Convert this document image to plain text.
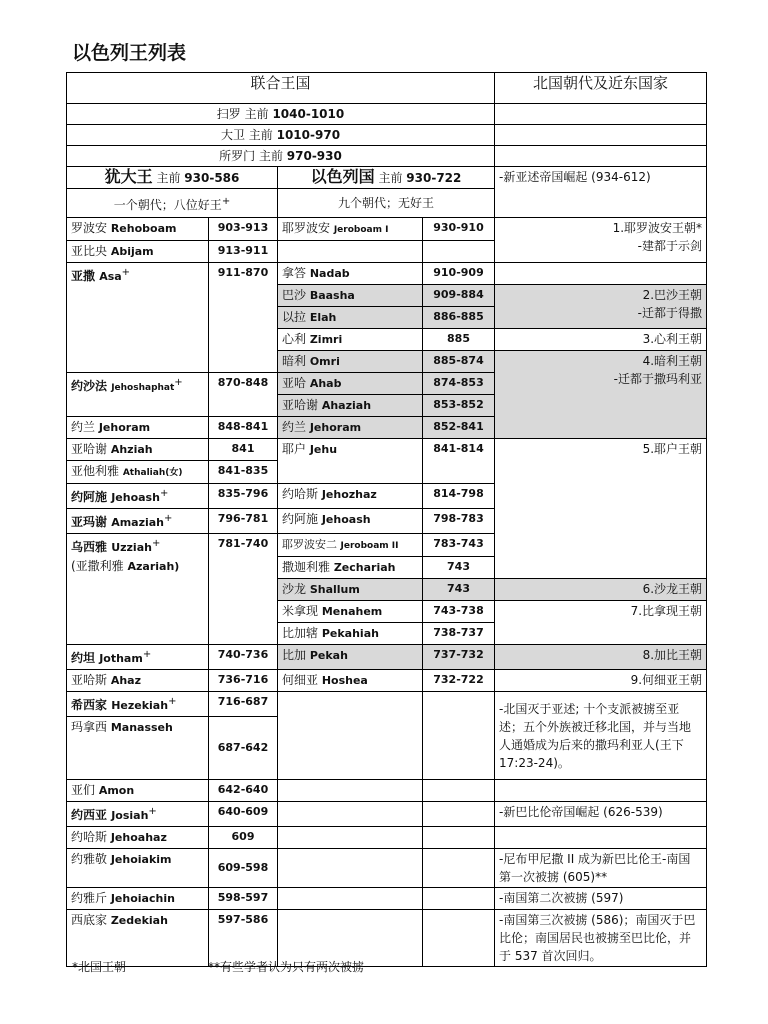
以色列王列表
联合王国				北国朝代及近东国家
扫罗 主前 1040-1010				
大卫 主前 1010-970				
所罗门 主前 970-930				
犹大王 主前 930-586		以色列国 主前 930-722		-新亚述帝国崛起 (934-612)
一个朝代；八位好王+		九个朝代；无好王		
罗波安 Rehoboam	903-913	耶罗波安 Jeroboam I	930-910	1.耶罗波安王朝*
-建都于示剑

亚比央 Abijam	913-911			
亚撒 Asa+	911-870			
		拿答 Nadab	910-909	
		巴沙 Baasha	909-884	2.巴沙王朝
-迁都于得撒

		以拉 Elah	886-885	
		心利 Zimri	885	3.心利王朝

		暗利 Omri	885-874	4.暗利王朝
-迁都于撒玛利亚

约沙法 Jehoshaphat+	870-848	亚哈 Ahab	874-853	
		亚哈谢 Ahaziah	853-852	
约兰 Jehoram	848-841	约兰 Jehoram	852-841	
亚哈谢 Ahziah	841	耶户 Jehu	841-814	5.耶户王朝

亚他利雅 Athaliah(女)	841-835			
约阿施 Jehoash+	835-796	约哈斯 Jehozhaz	814-798	
亚玛谢 Amaziah+	796-781	约阿施 Jehoash	798-783	
乌西雅 Uzziah+
(亚撒利雅 Azariah)	781-740	耶罗波安二 Jeroboam II	783-743	
		撒迦利雅 Zechariah	743	
		沙龙 Shallum	743	6.沙龙王朝

		米拿现 Menahem	743-738	7.比拿现王朝

		比加辖 Pekahiah	738-737	
约坦 Jotham+	740-736	比加 Pekah	737-732	8.加比王朝

亚哈斯 Ahaz	736-716	何细亚 Hoshea	732-722	9.何细亚王朝

希西家 Hezekiah+	716-687			-北国灭于亚述; 十个支派被掳至亚述；五个外族被迁移北国，并与当地人通婚成为后来的撒玛利亚人(王下 17:23-24)。
玛拿西 Manasseh	687-642			
亚们 Amon	642-640			
约西亚 Josiah+	640-609			-新巴比伦帝国崛起 (626-539)
约哈斯 Jehoahaz	609			
约雅敬 Jehoiakim	609-598			-尼布甲尼撒 II 成为新巴比伦王-南国第一次被掳 (605)**
约雅斤 Jehoiachin	598-597			-南国第二次被掳 (597)
西底家 Zedekiah	597-586			-南国第三次被掳 (586)；南国灭于巴比伦；南国居民也被掳至巴比伦，并于 537 首次回归。
*北国王朝	**有些学者认为只有两次被掳
